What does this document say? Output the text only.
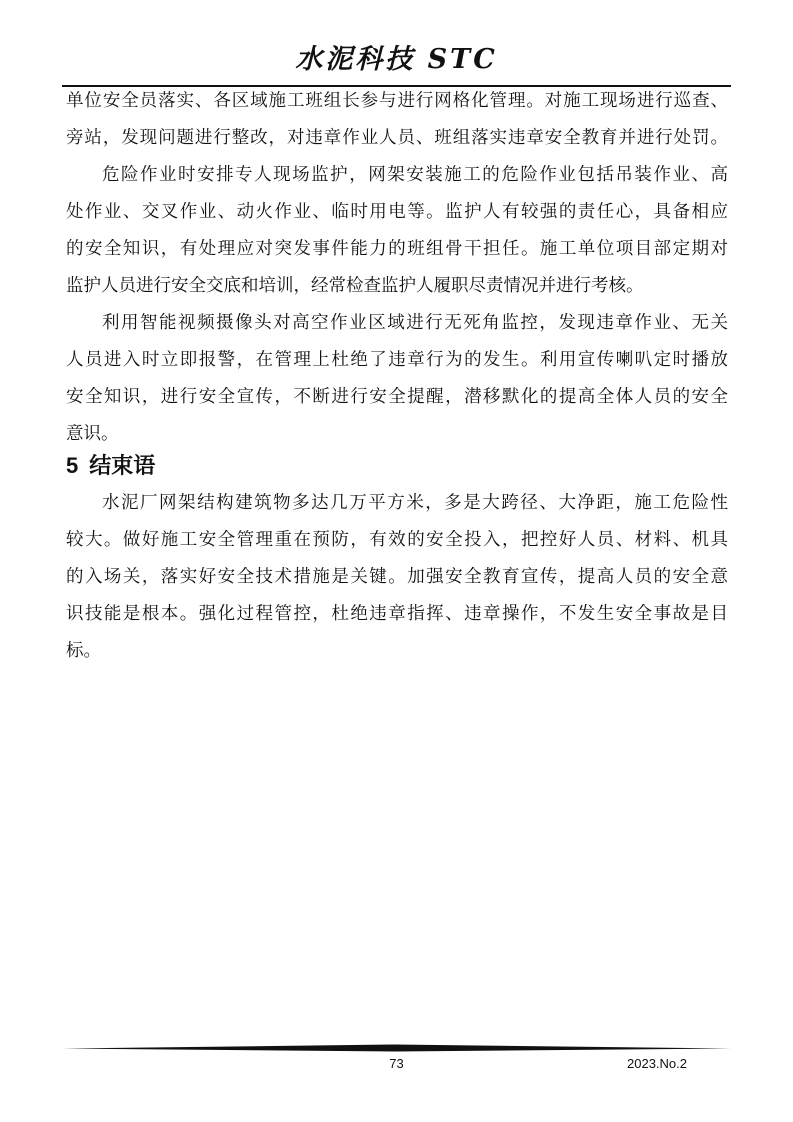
水泥科技 STC
单位安全员落实、各区域施工班组长参与进行网格化管理。对施工现场进行巡查、
旁站，发现问题进行整改，对违章作业人员、班组落实违章安全教育并进行处罚。
危险作业时安排专人现场监护，网架安装施工的危险作业包括吊装作业、高
处作业、交叉作业、动火作业、临时用电等。监护人有较强的责任心，具备相应
的安全知识，有处理应对突发事件能力的班组骨干担任。施工单位项目部定期对
监护人员进行安全交底和培训，经常检查监护人履职尽责情况并进行考核。
利用智能视频摄像头对高空作业区域进行无死角监控，发现违章作业、无关
人员进入时立即报警，在管理上杜绝了违章行为的发生。利用宣传喇叭定时播放
安全知识，进行安全宣传，不断进行安全提醒，潜移默化的提高全体人员的安全
意识。
5 结束语
水泥厂网架结构建筑物多达几万平方米，多是大跨径、大净距，施工危险性
较大。做好施工安全管理重在预防，有效的安全投入，把控好人员、材料、机具
的入场关，落实好安全技术措施是关键。加强安全教育宣传，提高人员的安全意
识技能是根本。强化过程管控，杜绝违章指挥、违章操作，不发生安全事故是目
标。
73	2023.No.2
